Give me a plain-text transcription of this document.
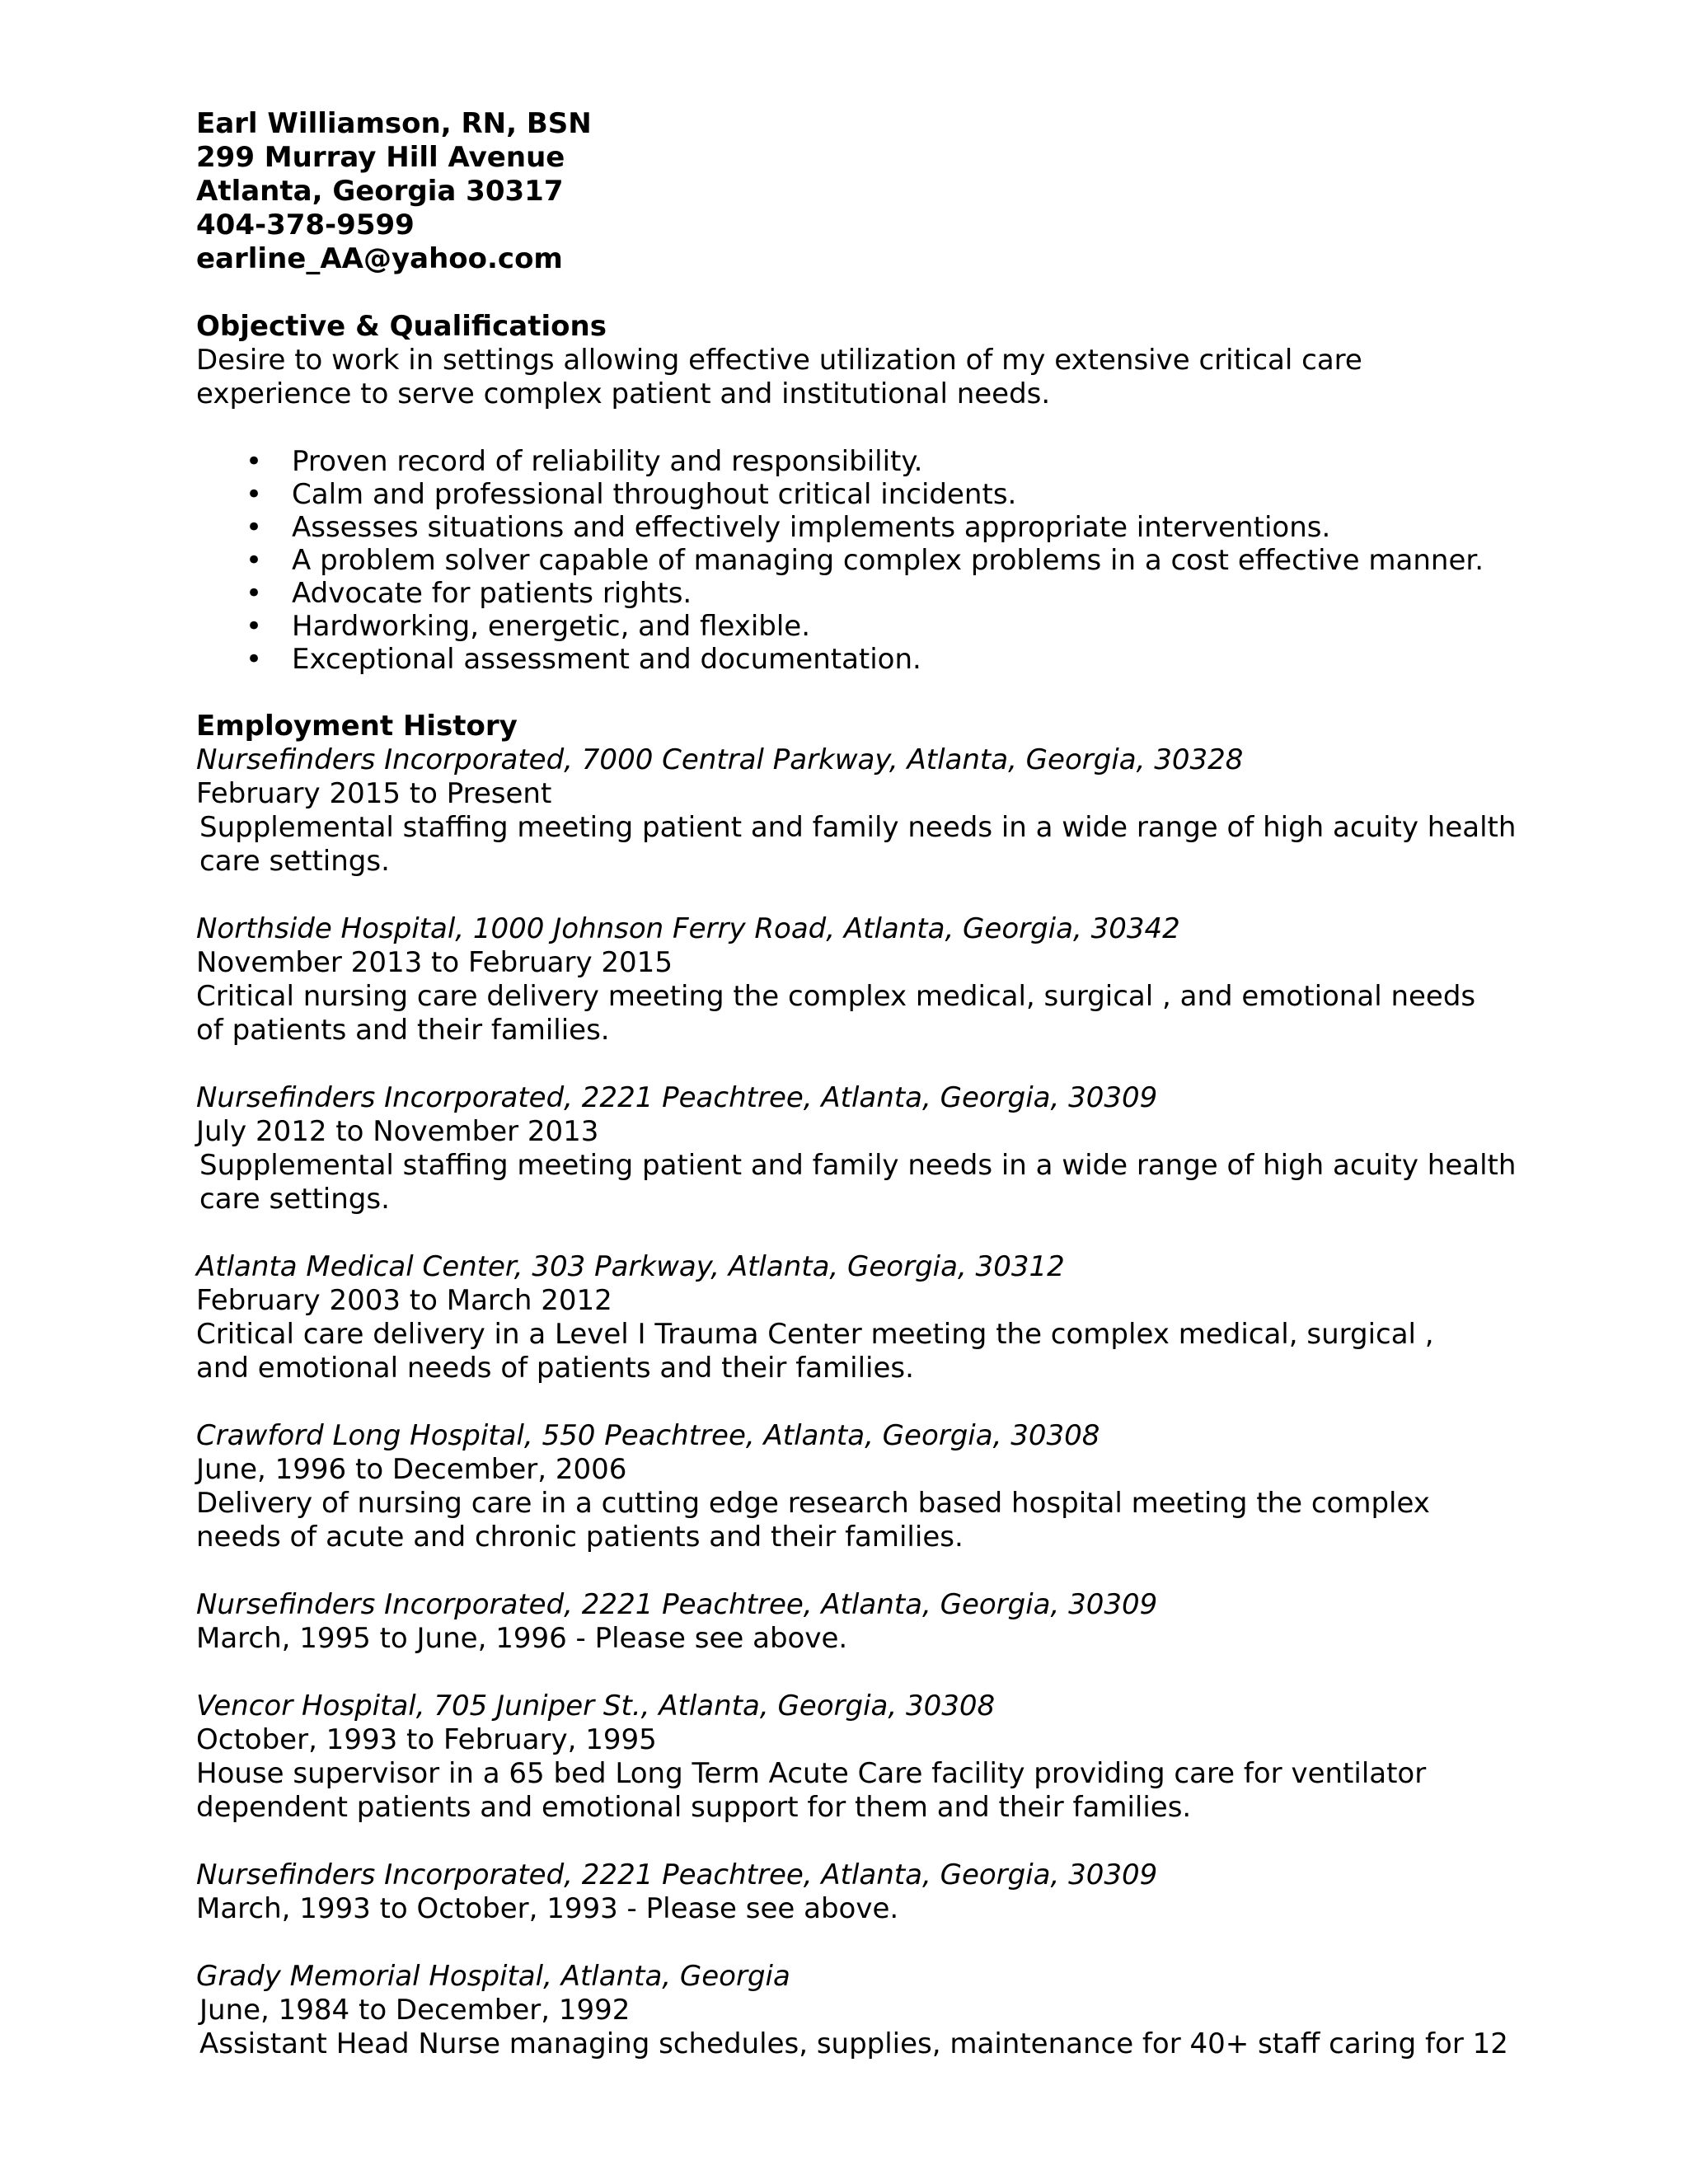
Earl Williamson, RN, BSN
299 Murray Hill Avenue
Atlanta, Georgia 30317
404-378-9599
earline_AA@yahoo.com
Objective & Qualifications
Desire to work in settings allowing effective utilization of my extensive critical care
experience to serve complex patient and institutional needs.
• Proven record of reliability and responsibility.
• Calm and professional throughout critical incidents.
• Assesses situations and effectively implements appropriate interventions.
• A problem solver capable of managing complex problems in a cost effective manner.
• Advocate for patients rights.
• Hardworking, energetic, and flexible.
• Exceptional assessment and documentation.
Employment History
Nursefinders Incorporated, 7000 Central Parkway, Atlanta, Georgia, 30328
February 2015 to Present
Supplemental staffing meeting patient and family needs in a wide range of high acuity health
care settings.
Northside Hospital, 1000 Johnson Ferry Road, Atlanta, Georgia, 30342
November 2013 to February 2015
Critical nursing care delivery meeting the complex medical, surgical , and emotional needs
of patients and their families.
Nursefinders Incorporated, 2221 Peachtree, Atlanta, Georgia, 30309
July 2012 to November 2013
Supplemental staffing meeting patient and family needs in a wide range of high acuity health
care settings.
Atlanta Medical Center, 303 Parkway, Atlanta, Georgia, 30312
February 2003 to March 2012
Critical care delivery in a Level I Trauma Center meeting the complex medical, surgical ,
and emotional needs of patients and their families.
Crawford Long Hospital, 550 Peachtree, Atlanta, Georgia, 30308
June, 1996 to December, 2006
Delivery of nursing care in a cutting edge research based hospital meeting the complex
needs of acute and chronic patients and their families.
Nursefinders Incorporated, 2221 Peachtree, Atlanta, Georgia, 30309
March, 1995 to June, 1996 - Please see above.
Vencor Hospital, 705 Juniper St., Atlanta, Georgia, 30308
October, 1993 to February, 1995
House supervisor in a 65 bed Long Term Acute Care facility providing care for ventilator
dependent patients and emotional support for them and their families.
Nursefinders Incorporated, 2221 Peachtree, Atlanta, Georgia, 30309
March, 1993 to October, 1993 - Please see above.
Grady Memorial Hospital, Atlanta, Georgia
June, 1984 to December, 1992
Assistant Head Nurse managing schedules, supplies, maintenance for 40+ staff caring for 12
